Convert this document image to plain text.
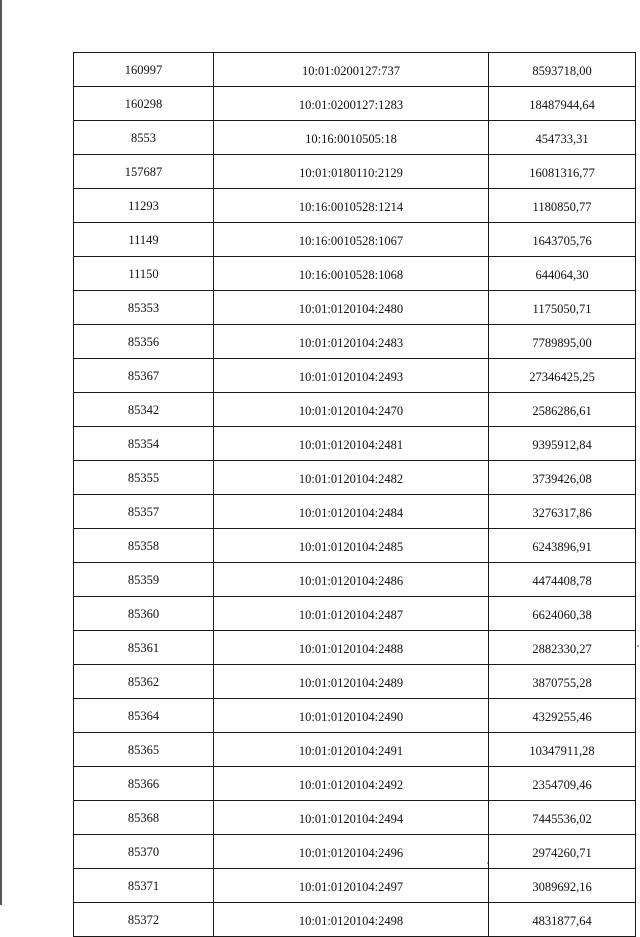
160997	10:01:0200127:737	8593718,00
160298	10:01:0200127:1283	18487944,64
8553	10:16:0010505:18	454733,31
157687	10:01:0180110:2129	16081316,77
11293	10:16:0010528:1214	1180850,77
11149	10:16:0010528:1067	1643705,76
11150	10:16:0010528:1068	644064,30
85353	10:01:0120104:2480	1175050,71
85356	10:01:0120104:2483	7789895,00
85367	10:01:0120104:2493	27346425,25
85342	10:01:0120104:2470	2586286,61
85354	10:01:0120104:2481	9395912,84
85355	10:01:0120104:2482	3739426,08
85357	10:01:0120104:2484	3276317,86
85358	10:01:0120104:2485	6243896,91
85359	10:01:0120104:2486	4474408,78
85360	10:01:0120104:2487	6624060,38
85361	10:01:0120104:2488	2882330,27
85362	10:01:0120104:2489	3870755,28
85364	10:01:0120104:2490	4329255,46
85365	10:01:0120104:2491	10347911,28
85366	10:01:0120104:2492	2354709,46
85368	10:01:0120104:2494	7445536,02
85370	10:01:0120104:2496	2974260,71
85371	10:01:0120104:2497	3089692,16
85372	10:01:0120104:2498	4831877,64
